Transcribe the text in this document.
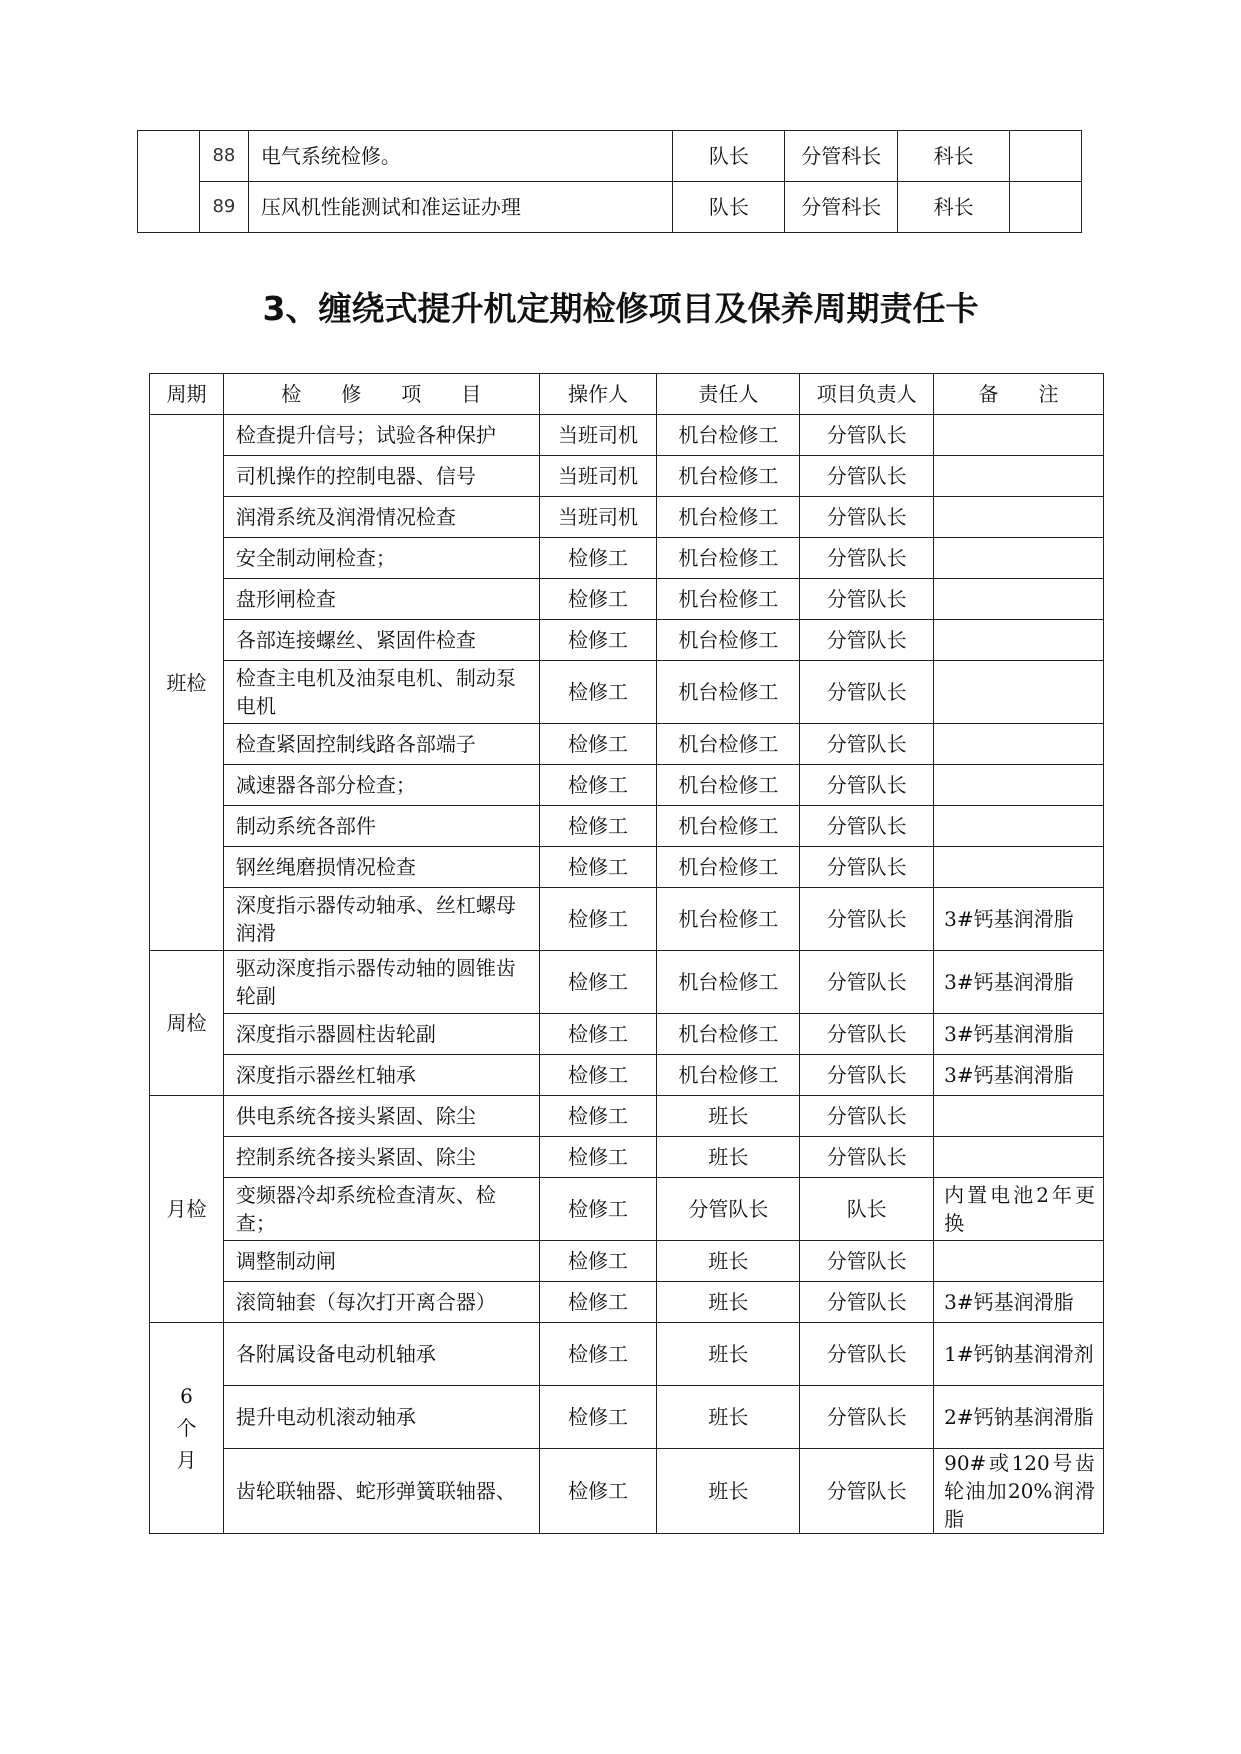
	88	电气系统检修。	队长	分管科长	科长	
	89	压风机性能测试和准运证办理	队长	分管科长	科长	
3、缠绕式提升机定期检修项目及保养周期责任卡
周期	检　　修　　项　　目	操作人	责任人	项目负责人	备　　注
班检	检查提升信号；试验各种保护	当班司机	机台检修工	分管队长	
	司机操作的控制电器、信号	当班司机	机台检修工	分管队长	
	润滑系统及润滑情况检查	当班司机	机台检修工	分管队长	
	安全制动闸检查；	检修工	机台检修工	分管队长	
	盘形闸检查	检修工	机台检修工	分管队长	
	各部连接螺丝、紧固件检查	检修工	机台检修工	分管队长	
	检查主电机及油泵电机、制动泵电机	检修工	机台检修工	分管队长	
	检查紧固控制线路各部端子	检修工	机台检修工	分管队长	
	减速器各部分检查；	检修工	机台检修工	分管队长	
	制动系统各部件	检修工	机台检修工	分管队长	
	钢丝绳磨损情况检查	检修工	机台检修工	分管队长	
	深度指示器传动轴承、丝杠螺母润滑	检修工	机台检修工	分管队长	3#钙基润滑脂
周检	驱动深度指示器传动轴的圆锥齿轮副	检修工	机台检修工	分管队长	3#钙基润滑脂
	深度指示器圆柱齿轮副	检修工	机台检修工	分管队长	3#钙基润滑脂
	深度指示器丝杠轴承	检修工	机台检修工	分管队长	3#钙基润滑脂
月检	供电系统各接头紧固、除尘	检修工	班长	分管队长	
	控制系统各接头紧固、除尘	检修工	班长	分管队长	
	变频器冷却系统检查清灰、检查；	检修工	分管队长	队长	内置电池2年更换
	调整制动闸	检修工	班长	分管队长	
	滚筒轴套（每次打开离合器）	检修工	班长	分管队长	3#钙基润滑脂
6个月	各附属设备电动机轴承	检修工	班长	分管队长	1#钙钠基润滑剂
	提升电动机滚动轴承	检修工	班长	分管队长	2#钙钠基润滑脂
	齿轮联轴器、蛇形弹簧联轴器、	检修工	班长	分管队长	90#或120号齿轮油加20%润滑脂
